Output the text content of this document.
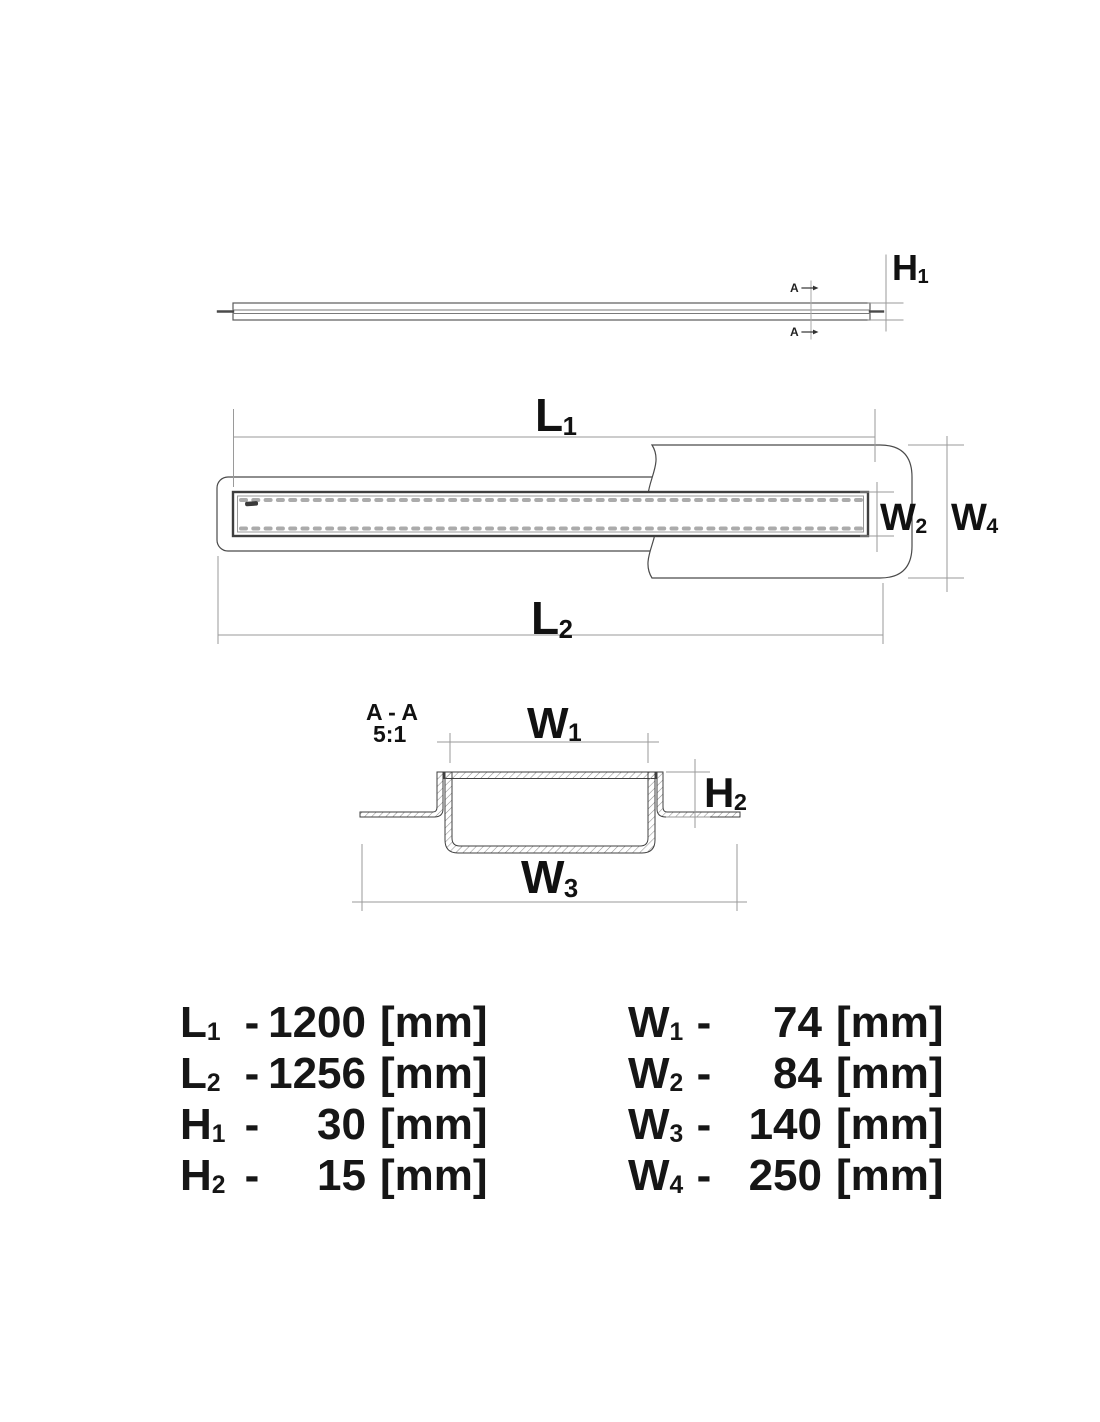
H1
A
A
L1
L2
W2 W4
A - A
5:1	W1
H2
W3
L1 - 1200 [mm]
L2 - 1256 [mm]
H1 -	30 [mm]
H2 -	15 [mm]
W1 -	74 [mm]
W2 -	84 [mm]
W3 - 140 [mm]
W4 - 250 [mm]
